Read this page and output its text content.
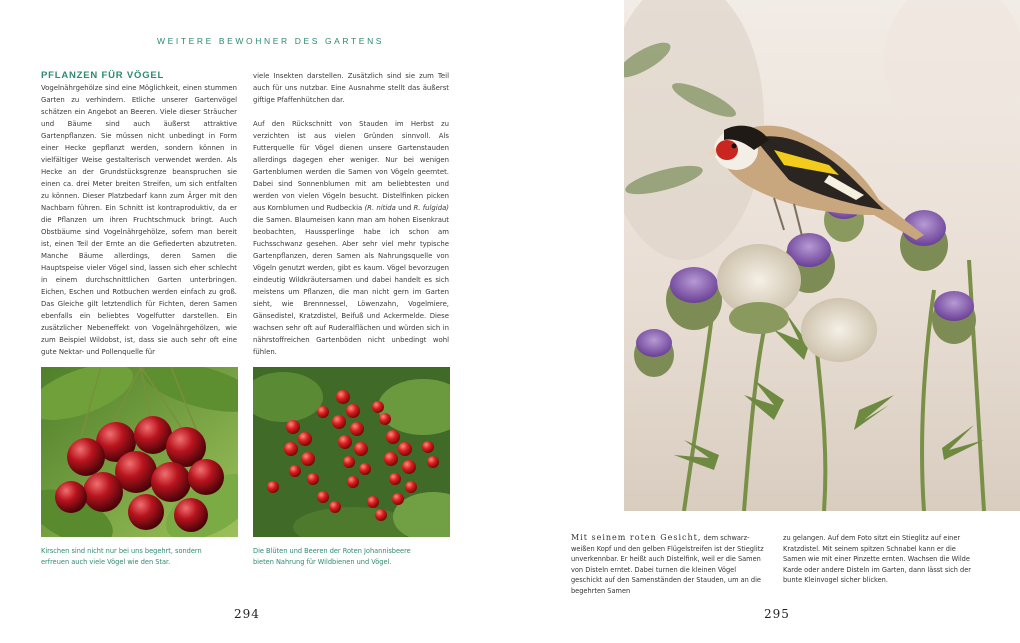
WEITERE BEWOHNER DES GARTENS
PFLANZEN FÜR VÖGEL
Vogelnährgehölze sind eine Möglichkeit, einen stummen Garten zu verhindern. Etliche unserer Gartenvögel schätzen ein Angebot an Beeren. Viele dieser Sträucher und Bäume sind auch äußerst attraktive Gartenpflanzen. Sie müssen nicht unbedingt in Form einer Hecke gepflanzt werden, sondern können in vielfältiger Weise gestalterisch verwendet werden. Als Hecke an der Grundstücksgrenze beanspruchen sie einen ca. drei Meter breiten Streifen, um sich entfalten zu können. Dieser Platzbedarf kann zum Ärger mit den Nachbarn führen. Ein Schnitt ist kontraproduktiv, da er die Pflanzen um ihren Fruchtschmuck bringt. Auch Obstbäume sind Vogelnährgehölze, sofern man bereit ist, einen Teil der Ernte an die Gefiederten abzutreten. Manche Bäume allerdings, deren Samen die Hauptspeise vieler Vögel sind, lassen sich eher schlecht in einem durchschnittlichen Garten unterbringen. Eichen, Eschen und Rotbuchen werden einfach zu groß. Das Gleiche gilt letztendlich für Fichten, deren Samen ebenfalls ein beliebtes Vogelfutter darstellen. Ein zusätzlicher Nebeneffekt von Vogelnährgehölzen, wie zum Beispiel Wildobst, ist, dass sie auch sehr oft eine gute Nektar- und Pollenquelle für

viele Insekten darstellen. Zusätzlich sind sie zum Teil auch für uns nutzbar. Eine Ausnahme stellt das äußerst giftige Pfaffenhütchen dar.

Auf den Rückschnitt von Stauden im Herbst zu verzichten ist aus vielen Gründen sinnvoll. Als Futterquelle für Vögel dienen unsere Gartenstauden allerdings dagegen eher weniger. Nur bei wenigen Gartenblumen werden die Samen von Vögeln geerntet. Dabei sind Sonnenblumen mit am beliebtesten und werden von vielen Vögeln besucht. Distelfinken picken aus Kornblumen und Rudbeckia (R. nitida und R. fulgida) die Samen. Blaumeisen kann man am hohen Eisenkraut beobachten, Haussperlinge habe ich schon am Fuchsschwanz gesehen. Aber sehr viel mehr typische Gartenpflanzen, deren Samen als Nahrungsquelle von Vögeln genutzt werden, gibt es kaum. Vögel bevorzugen eindeutig Wildkräutersamen und dabei handelt es sich meistens um Pflanzen, die man nicht gern im Garten sieht, wie Brennnessel, Löwenzahn, Vogelmiere, Gänsedistel, Kratzdistel, Beifuß und Ackermelde. Diese wachsen sehr oft auf Ruderalflächen und würden sich in nährstoffreichen Gartenböden nicht unbedingt wohl fühlen.

Kirschen sind nicht nur bei uns begehrt, sondern erfreuen auch viele Vögel wie den Star.
Die Blüten und Beeren der Roten Johannisbeere bieten Nahrung für Wildbienen und Vögel.
Mit seinem roten Gesicht, dem schwarz-weißen Kopf und den gelben Flügelstreifen ist der Stieglitz unverkennbar. Er heißt auch Distelfink, weil er die Samen von Disteln erntet. Dabei turnen die kleinen Vögel geschickt auf den Samenständen der Stauden, um an die begehrten Samen
zu gelangen. Auf dem Foto sitzt ein Stieglitz auf einer Kratzdistel. Mit seinem spitzen Schnabel kann er die Samen wie mit einer Pinzette ernten. Wachsen die Wilde Karde oder andere Disteln im Garten, dann lässt sich der bunte Kleinvogel sicher blicken.
294	295
